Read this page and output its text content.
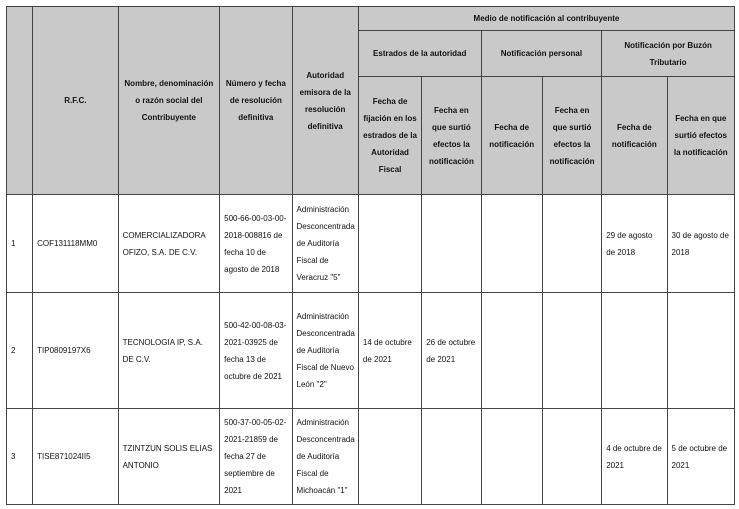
	R.F.C.	Nombre, denominación o razón social del Contribuyente	Número y fecha de resolución definitiva	Autoridad emisora de la resolución definitiva	Medio de notificación al contribuyente					
					Estrados de la autoridad		Notificación personal		Notificación por Buzón Tributario	
					Fecha de fijación en los estrados de la Autoridad Fiscal	Fecha en que surtió efectos la notificación	Fecha de notificación	Fecha en que surtió efectos la notificación	Fecha de notificación	Fecha en que surtió efectos la notificación
1	COF131118MM0	COMERCIALIZADORA OFIZO, S.A. DE C.V.	500-66-00-03-00-2018-008816 de fecha 10 de agosto de 2018	Administración Desconcentrada de Auditoría Fiscal de Veracruz "5"					29 de agosto de 2018	30 de agosto de 2018
2	TIP0809197X6	TECNOLOGIA IP, S.A. DE C.V.	500-42-00-08-03-2021-03925 de fecha 13 de octubre de 2021	Administración Desconcentrada de Auditoría Fiscal de Nuevo León "2"	14 de octubre de 2021	26 de octubre de 2021				
3	TISE871024II5	TZINTZUN SOLIS ELIAS ANTONIO	500-37-00-05-02-2021-21859 de fecha 27 de septiembre de 2021	Administración Desconcentrada de Auditoría Fiscal de Michoacán "1"					4 de octubre de 2021	5 de octubre de 2021
